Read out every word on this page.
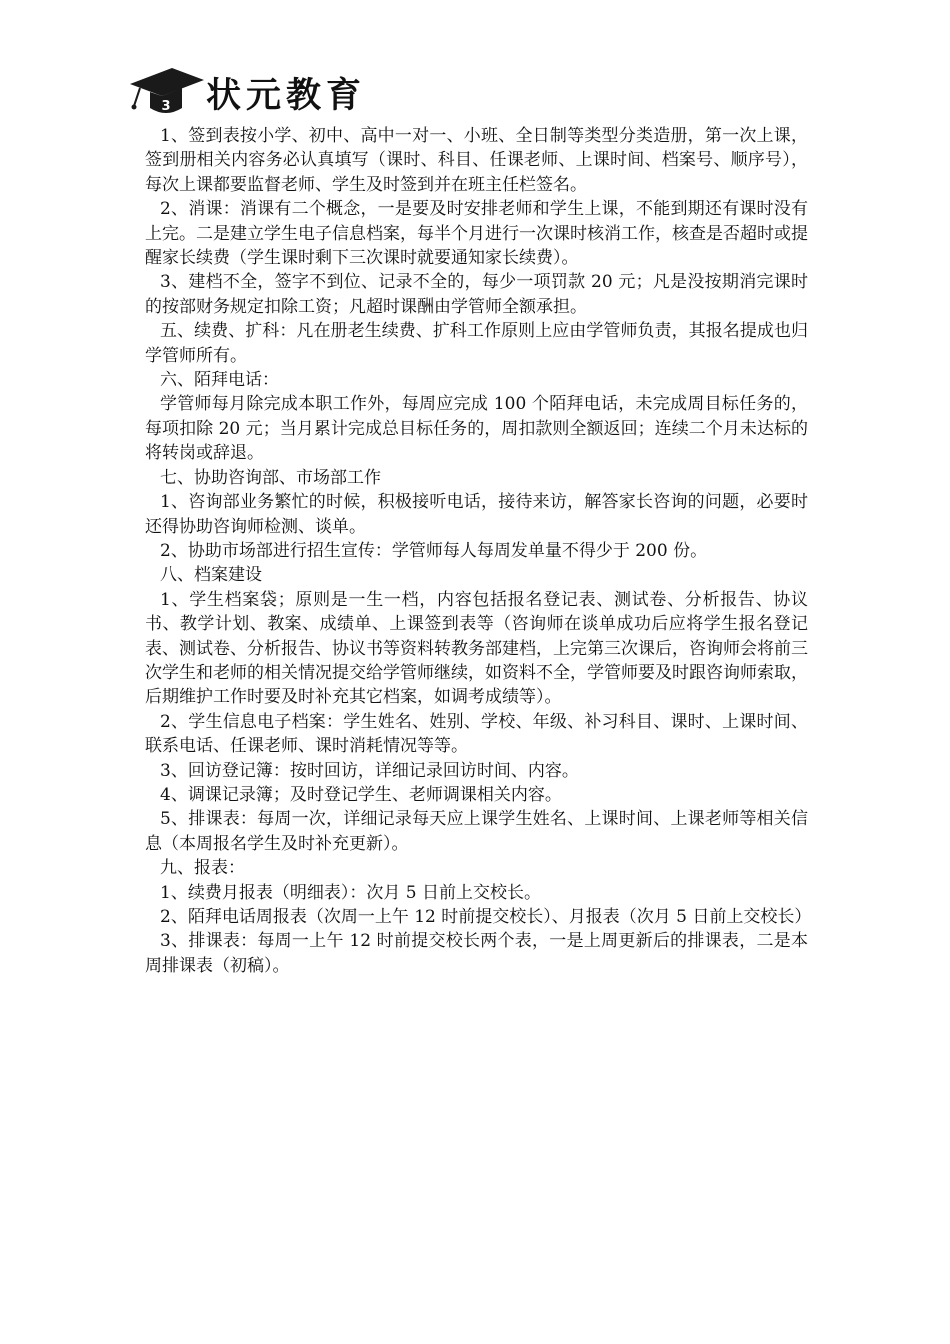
3 状元教育

1、签到表按小学、初中、高中一对一、小班、全日制等类型分类造册，第一次上课，签到册相关内容务必认真填写（课时、科目、任课老师、上课时间、档案号、顺序号），每次上课都要监督老师、学生及时签到并在班主任栏签名。

2、消课：消课有二个概念，一是要及时安排老师和学生上课，不能到期还有课时没有上完。二是建立学生电子信息档案，每半个月进行一次课时核消工作，核查是否超时或提醒家长续费（学生课时剩下三次课时就要通知家长续费）。

3、建档不全，签字不到位、记录不全的，每少一项罚款 20 元；凡是没按期消完课时的按部财务规定扣除工资；凡超时课酬由学管师全额承担。

五、续费、扩科：凡在册老生续费、扩科工作原则上应由学管师负责，其报名提成也归学管师所有。

六、陌拜电话：

学管师每月除完成本职工作外，每周应完成 100 个陌拜电话，未完成周目标任务的，每项扣除 20 元；当月累计完成总目标任务的，周扣款则全额返回；连续二个月未达标的将转岗或辞退。

七、协助咨询部、市场部工作

1、咨询部业务繁忙的时候，积极接听电话，接待来访，解答家长咨询的问题，必要时还得协助咨询师检测、谈单。

2、协助市场部进行招生宣传：学管师每人每周发单量不得少于 200 份。

八、档案建设

1、学生档案袋；原则是一生一档，内容包括报名登记表、测试卷、分析报告、协议书、教学计划、教案、成绩单、上课签到表等（咨询师在谈单成功后应将学生报名登记表、测试卷、分析报告、协议书等资料转教务部建档，上完第三次课后，咨询师会将前三次学生和老师的相关情况提交给学管师继续，如资料不全，学管师要及时跟咨询师索取，后期维护工作时要及时补充其它档案，如调考成绩等）。

2、学生信息电子档案：学生姓名、姓别、学校、年级、补习科目、课时、上课时间、联系电话、任课老师、课时消耗情况等等。

3、回访登记簿：按时回访，详细记录回访时间、内容。

4、调课记录簿；及时登记学生、老师调课相关内容。

5、排课表：每周一次，详细记录每天应上课学生姓名、上课时间、上课老师等相关信息（本周报名学生及时补充更新）。

九、报表：

1、续费月报表（明细表）：次月 5 日前上交校长。

2、陌拜电话周报表（次周一上午 12 时前提交校长）、月报表（次月 5 日前上交校长）

3、排课表：每周一上午 12 时前提交校长两个表，一是上周更新后的排课表，二是本周排课表（初稿）。
